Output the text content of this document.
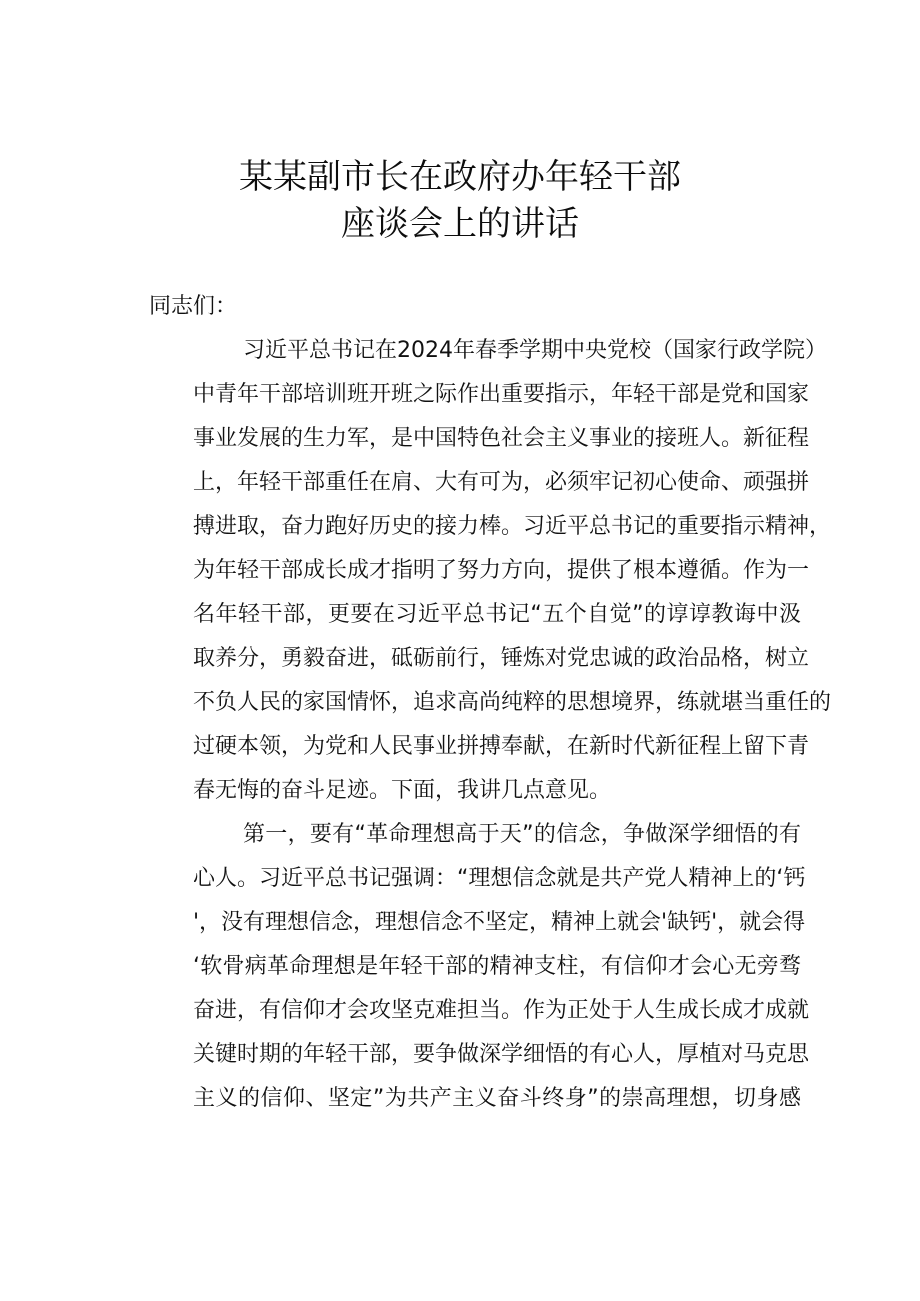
某某副市长在政府办年轻干部
座谈会上的讲话

同志们：

习近平总书记在2024年春季学期中央党校（国家行政学院）
中青年干部培训班开班之际作出重要指示，年轻干部是党和国家
事业发展的生力军，是中国特色社会主义事业的接班人。新征程
上，年轻干部重任在肩、大有可为，必须牢记初心使命、顽强拼
搏进取，奋力跑好历史的接力棒。习近平总书记的重要指示精神，
为年轻干部成长成才指明了努力方向，提供了根本遵循。作为一
名年轻干部，更要在习近平总书记“五个自觉”的谆谆教诲中汲
取养分，勇毅奋进，砥砺前行，锤炼对党忠诚的政治品格，树立
不负人民的家国情怀，追求高尚纯粹的思想境界，练就堪当重任的
过硬本领，为党和人民事业拼搏奉献，在新时代新征程上留下青
春无悔的奋斗足迹。下面，我讲几点意见。
第一，要有“革命理想高于天”的信念，争做深学细悟的有
心人。习近平总书记强调：“理想信念就是共产党人精神上的‘钙
'，没有理想信念，理想信念不坚定，精神上就会'缺钙'，就会得
‘软骨病革命理想是年轻干部的精神支柱，有信仰才会心无旁骛
奋进，有信仰才会攻坚克难担当。作为正处于人生成长成才成就
关键时期的年轻干部，要争做深学细悟的有心人，厚植对马克思
主义的信仰、坚定”为共产主义奋斗终身”的崇高理想，切身感
